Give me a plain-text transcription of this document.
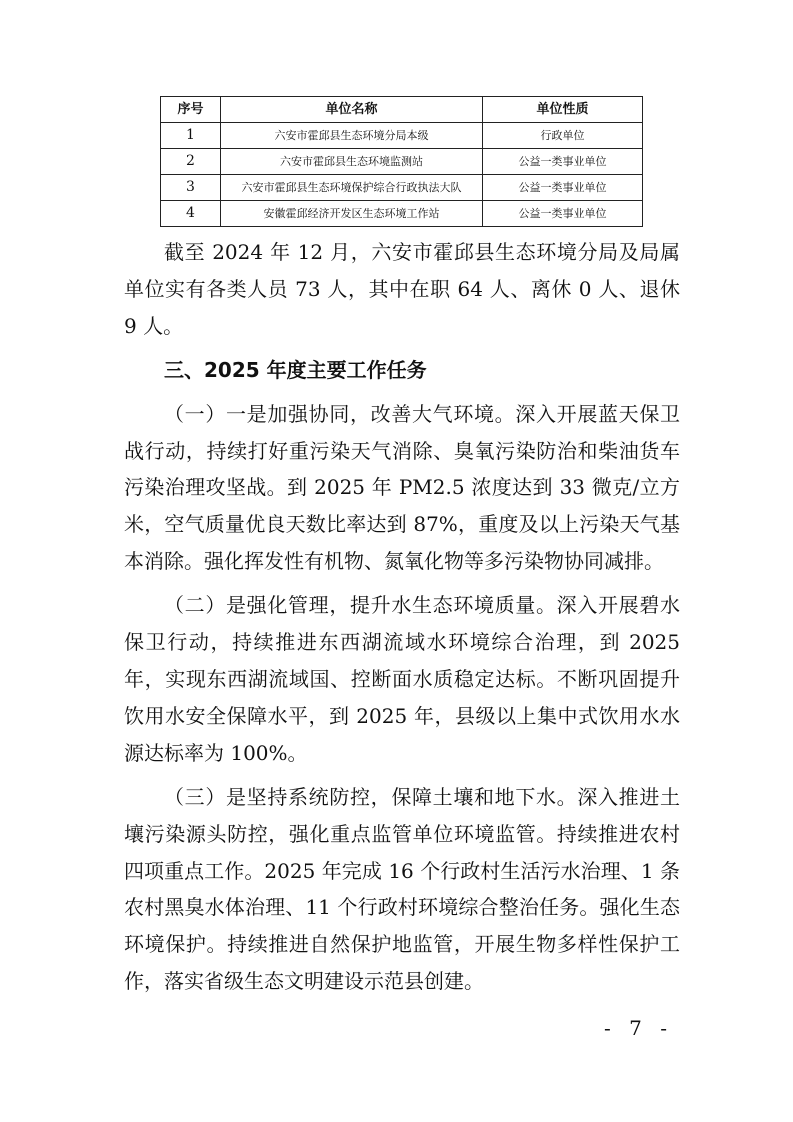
序号	单位名称	单位性质
1	六安市霍邱县生态环境分局本级	行政单位
2	六安市霍邱县生态环境监测站	公益一类事业单位
3	六安市霍邱县生态环境保护综合行政执法大队	公益一类事业单位
4	安徽霍邱经济开发区生态环境工作站	公益一类事业单位

截至 2024 年 12 月，六安市霍邱县生态环境分局及局属单位实有各类人员 73 人，其中在职 64 人、离休 0 人、退休 9 人。

三、2025 年度主要工作任务

（一）一是加强协同，改善大气环境。深入开展蓝天保卫战行动，持续打好重污染天气消除、臭氧污染防治和柴油货车污染治理攻坚战。到 2025 年 PM2.5 浓度达到 33 微克/立方米，空气质量优良天数比率达到 87%，重度及以上污染天气基本消除。强化挥发性有机物、氮氧化物等多污染物协同减排。

（二）是强化管理，提升水生态环境质量。深入开展碧水保卫行动，持续推进东西湖流域水环境综合治理，到 2025 年，实现东西湖流域国、控断面水质稳定达标。不断巩固提升饮用水安全保障水平，到 2025 年，县级以上集中式饮用水水源达标率为 100%。

（三）是坚持系统防控，保障土壤和地下水。深入推进土壤污染源头防控，强化重点监管单位环境监管。持续推进农村四项重点工作。2025 年完成 16 个行政村生活污水治理、1 条农村黑臭水体治理、11 个行政村环境综合整治任务。强化生态环境保护。持续推进自然保护地监管，开展生物多样性保护工作，落实省级生态文明建设示范县创建。

- 7 -
